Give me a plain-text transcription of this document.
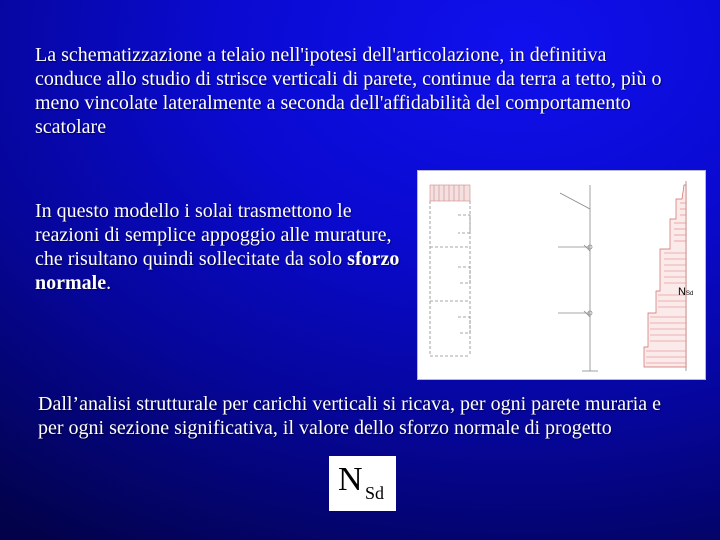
La schematizzazione a telaio nell'ipotesi dell'articolazione, in definitiva conduce allo studio di strisce verticali di parete, continue da terra a tetto, più o meno vincolate lateralmente a seconda dell'affidabilità del comportamento scatolare

In questo modello i solai trasmettono le reazioni di semplice appoggio alle murature, che risultano quindi sollecitate da solo sforzo normale.	N Sd

Dall’analisi strutturale per carichi verticali si ricava, per ogni parete muraria e per ogni sezione significativa, il valore dello sforzo normale di progetto

N Sd
